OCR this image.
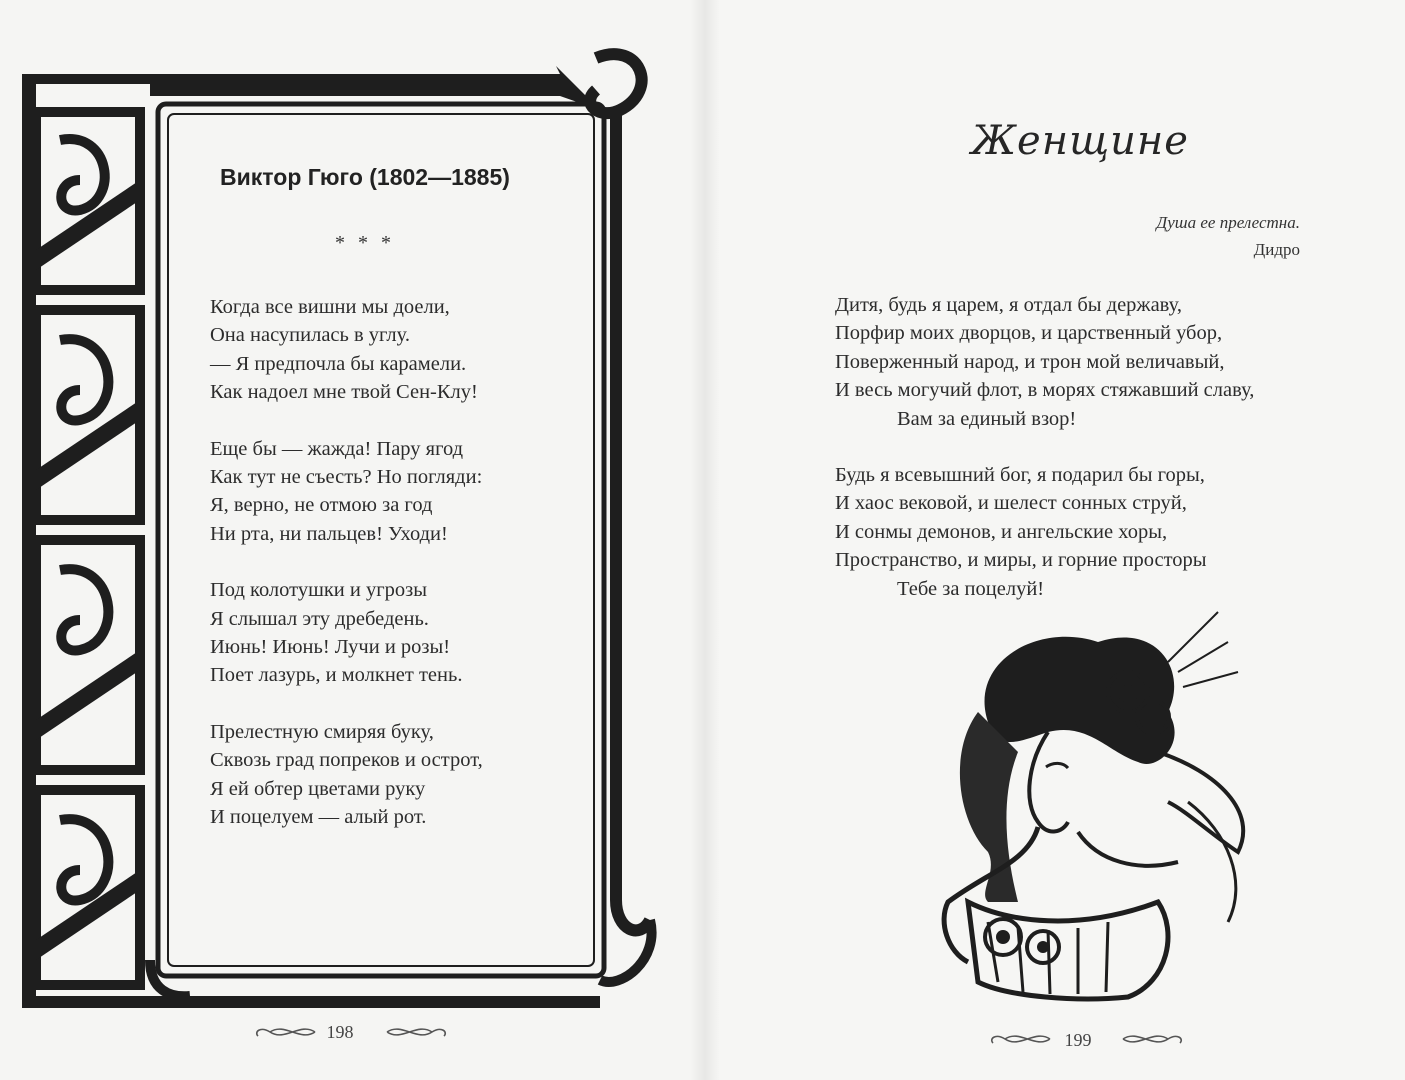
Виктор Гюго (1802—1885)
* * *
Когда все вишни мы доели,
Она насупилась в углу.
— Я предпочла бы карамели.
Как надоел мне твой Сен-Клу!
Еще бы — жажда! Пару ягод
Как тут не съесть? Но погляди:
Я, верно, не отмою за год
Ни рта, ни пальцев! Уходи!
Под колотушки и угрозы
Я слышал эту дребедень.
Июнь! Июнь! Лучи и розы!
Поет лазурь, и молкнет тень.
Прелестную смиряя буку,
Сквозь град попреков и острот,
Я ей обтер цветами руку
И поцелуем — алый рот.
198
Женщине
Душа ее прелестна.
Дидро
Дитя, будь я царем, я отдал бы державу,
Порфир моих дворцов, и царственный убор,
Поверженный народ, и трон мой величавый,
И весь могучий флот, в морях стяжавший славу,
Вам за единый взор!
Будь я всевышний бог, я подарил бы горы,
И хаос вековой, и шелест сонных струй,
И сонмы демонов, и ангельские хоры,
Пространство, и миры, и горние просторы
Тебе за поцелуй!
199
